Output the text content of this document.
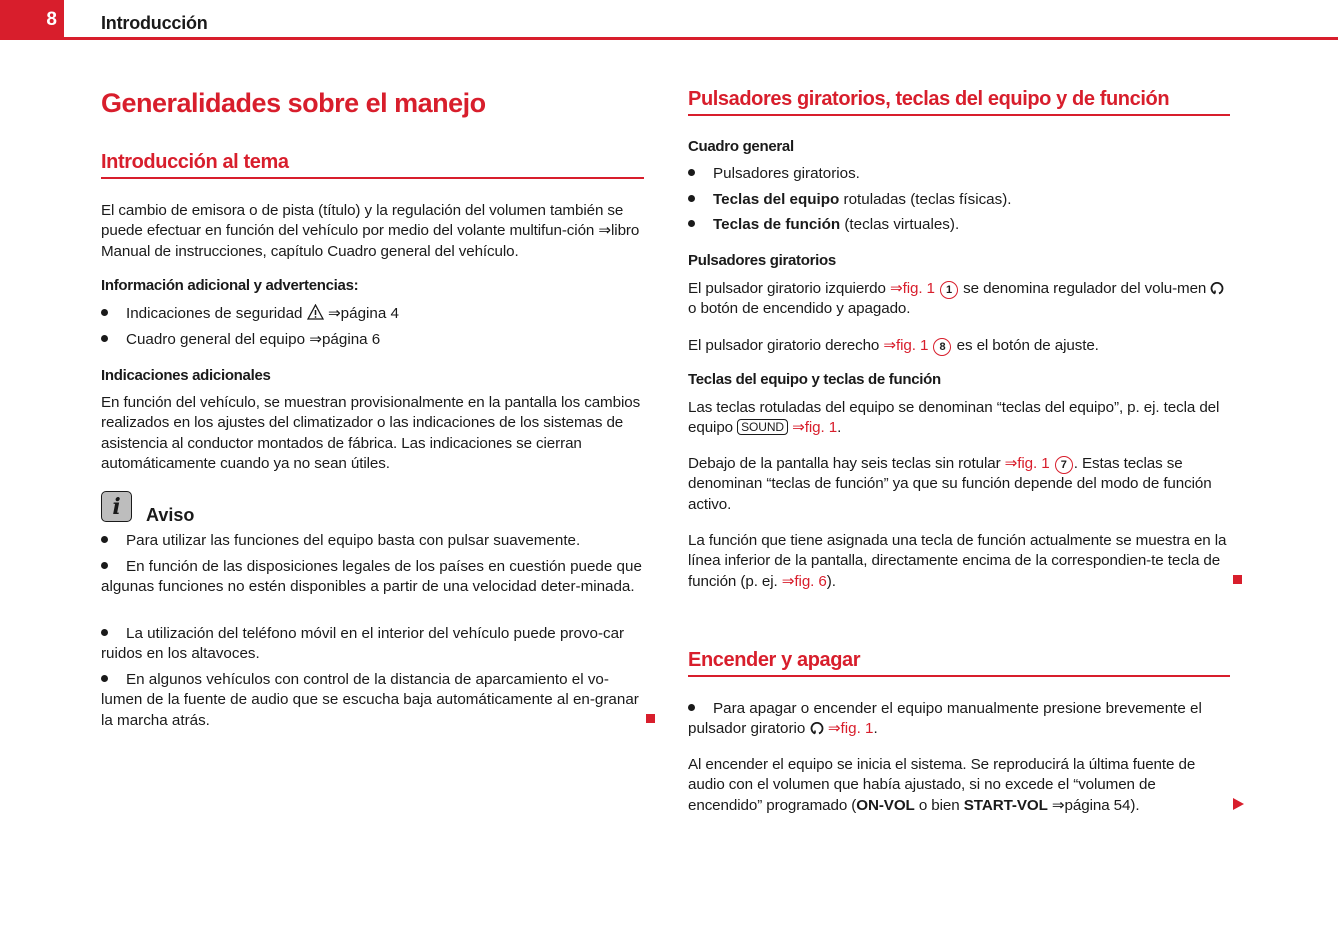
8	Introducción
Generalidades sobre el manejo
Introducción al tema
El cambio de emisora o de pista (título) y la regulación del volumen también se puede efectuar en función del vehículo por medio del volante multifun-ción ⇒libro Manual de instrucciones, capítulo Cuadro general del vehículo.
Información adicional y advertencias:
Indicaciones de seguridad ⇒página 4
Cuadro general del equipo ⇒página 6
Indicaciones adicionales
En función del vehículo, se muestran provisionalmente en la pantalla los cambios realizados en los ajustes del climatizador o las indicaciones de los sistemas de asistencia al conductor montados de fábrica. Las indicaciones se cierran automáticamente cuando ya no sean útiles.
i	Aviso
Para utilizar las funciones del equipo basta con pulsar suavemente.
En función de las disposiciones legales de los países en cuestión puede que algunas funciones no estén disponibles a partir de una velocidad deter-minada.
La utilización del teléfono móvil en el interior del vehículo puede provo-car ruidos en los altavoces.
En algunos vehículos con control de la distancia de aparcamiento el vo-lumen de la fuente de audio que se escucha baja automáticamente al en-granar la marcha atrás.
Pulsadores giratorios, teclas del equipo y de función
Cuadro general
Pulsadores giratorios.
Teclas del equipo rotuladas (teclas físicas).
Teclas de función (teclas virtuales).
Pulsadores giratorios
El pulsador giratorio izquierdo ⇒fig. 1 1 se denomina regulador del volu-men  o botón de encendido y apagado.
El pulsador giratorio derecho ⇒fig. 1 8 es el botón de ajuste.
Teclas del equipo y teclas de función
Las teclas rotuladas del equipo se denominan “teclas del equipo”, p. ej. tecla del equipo SOUND ⇒fig. 1.
Debajo de la pantalla hay seis teclas sin rotular ⇒fig. 1 7 . Estas teclas se denominan “teclas de función” ya que su función depende del modo de función activo.
La función que tiene asignada una tecla de función actualmente se muestra en la línea inferior de la pantalla, directamente encima de la correspondien-te tecla de función (p. ej. ⇒fig. 6).
Encender y apagar
Para apagar o encender el equipo manualmente presione brevemente el pulsador giratorio  ⇒fig. 1.
Al encender el equipo se inicia el sistema. Se reproducirá la última fuente de audio con el volumen que había ajustado, si no excede el “volumen de encendido” programado (ON-VOL o bien START-VOL ⇒página 54).
